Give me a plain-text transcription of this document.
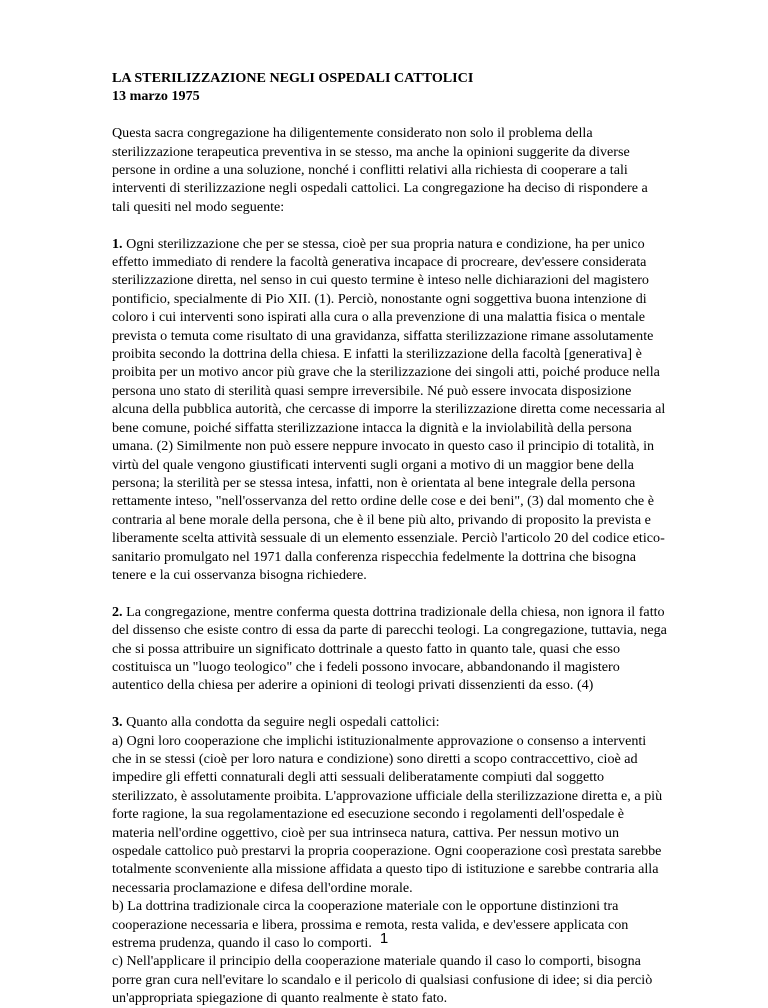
LA STERILIZZAZIONE NEGLI OSPEDALI CATTOLICI

13 marzo 1975

Questa sacra congregazione ha diligentemente considerato non solo il problema della sterilizzazione terapeutica preventiva in se stesso, ma anche la opinioni suggerite da diverse persone in ordine a una soluzione, nonché i conflitti relativi alla richiesta di cooperare a tali interventi di sterilizzazione negli ospedali cattolici. La congregazione ha deciso di rispondere a tali quesiti nel modo seguente:

1. Ogni sterilizzazione che per se stessa, cioè per sua propria natura e condizione, ha per unico effetto immediato di rendere la facoltà generativa incapace di procreare, dev'essere considerata sterilizzazione diretta, nel senso in cui questo termine è inteso nelle dichiarazioni del magistero pontificio, specialmente di Pio XII. (1). Perciò, nonostante ogni soggettiva buona intenzione di coloro i cui interventi sono ispirati alla cura o alla prevenzione di una malattia fisica o mentale prevista o temuta come risultato di una gravidanza, siffatta sterilizzazione rimane assolutamente proibita secondo la dottrina della chiesa. E infatti la sterilizzazione della facoltà [generativa] è proibita per un motivo ancor più grave che la sterilizzazione dei singoli atti, poiché produce nella persona uno stato di sterilità quasi sempre irreversibile. Né può essere invocata disposizione alcuna della pubblica autorità, che cercasse di imporre la sterilizzazione diretta come necessaria al bene comune, poiché siffatta sterilizzazione intacca la dignità e la inviolabilità della persona umana. (2) Similmente non può essere neppure invocato in questo caso il principio di totalità, in virtù del quale vengono giustificati interventi sugli organi a motivo di un maggior bene della persona; la sterilità per se stessa intesa, infatti, non è orientata al bene integrale della persona rettamente inteso, "nell'osservanza del retto ordine delle cose e dei beni", (3) dal momento che è contraria al bene morale della persona, che è il bene più alto, privando di proposito la prevista e liberamente scelta attività sessuale di un elemento essenziale. Perciò l'articolo 20 del codice etico-sanitario promulgato nel 1971 dalla conferenza rispecchia fedelmente la dottrina che bisogna tenere e la cui osservanza bisogna richiedere.

2. La congregazione, mentre conferma questa dottrina tradizionale della chiesa, non ignora il fatto del dissenso che esiste contro di essa da parte di parecchi teologi. La congregazione, tuttavia, nega che si possa attribuire un significato dottrinale a questo fatto in quanto tale, quasi che esso costituisca un "luogo teologico" che i fedeli possono invocare, abbandonando il magistero autentico della chiesa per aderire a opinioni di teologi privati dissenzienti da esso. (4)

3. Quanto alla condotta da seguire negli ospedali cattolici:

a) Ogni loro cooperazione che implichi istituzionalmente approvazione o consenso a interventi che in se stessi (cioè per loro natura e condizione) sono diretti a scopo contraccettivo, cioè ad impedire gli effetti connaturali degli atti sessuali deliberatamente compiuti dal soggetto sterilizzato, è assolutamente proibita. L'approvazione ufficiale della sterilizzazione diretta e, a più forte ragione, la sua regolamentazione ed esecuzione secondo i regolamenti dell'ospedale è materia nell'ordine oggettivo, cioè per sua intrinseca natura, cattiva. Per nessun motivo un ospedale cattolico può prestarvi la propria cooperazione. Ogni cooperazione così prestata sarebbe totalmente sconveniente alla missione affidata a questo tipo di istituzione e sarebbe contraria alla necessaria proclamazione e difesa dell'ordine morale.

b) La dottrina tradizionale circa la cooperazione materiale con le opportune distinzioni tra cooperazione necessaria e libera, prossima e remota, resta valida, e dev'essere applicata con estrema prudenza, quando il caso lo comporti.

c) Nell'applicare il principio della cooperazione materiale quando il caso lo comporti, bisogna porre gran cura nell'evitare lo scandalo e il pericolo di qualsiasi confusione di idee; si dia perciò un'appropriata spiegazione di quanto realmente è stato fato.

1
